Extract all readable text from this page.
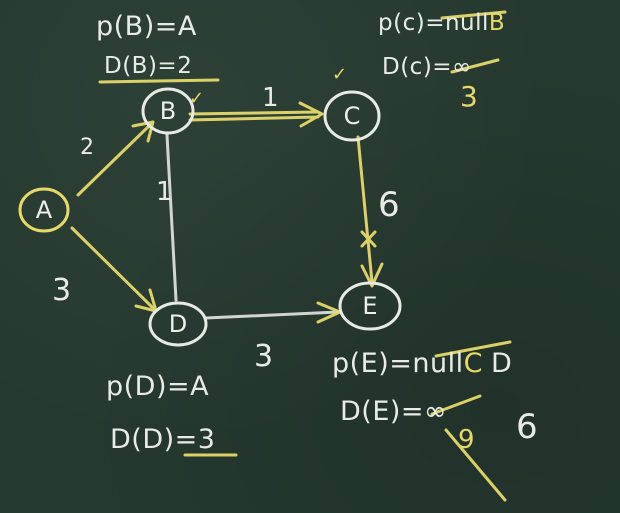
A
B	C
D
E
2
3
1
1	6
3
✓
✓
p(B)=A
D(B)=2
p(c)=nullB
D(c)=∞
3
p(D)=A
D(D)=3
p(E)=nullC D
D(E)=∞
9 6
